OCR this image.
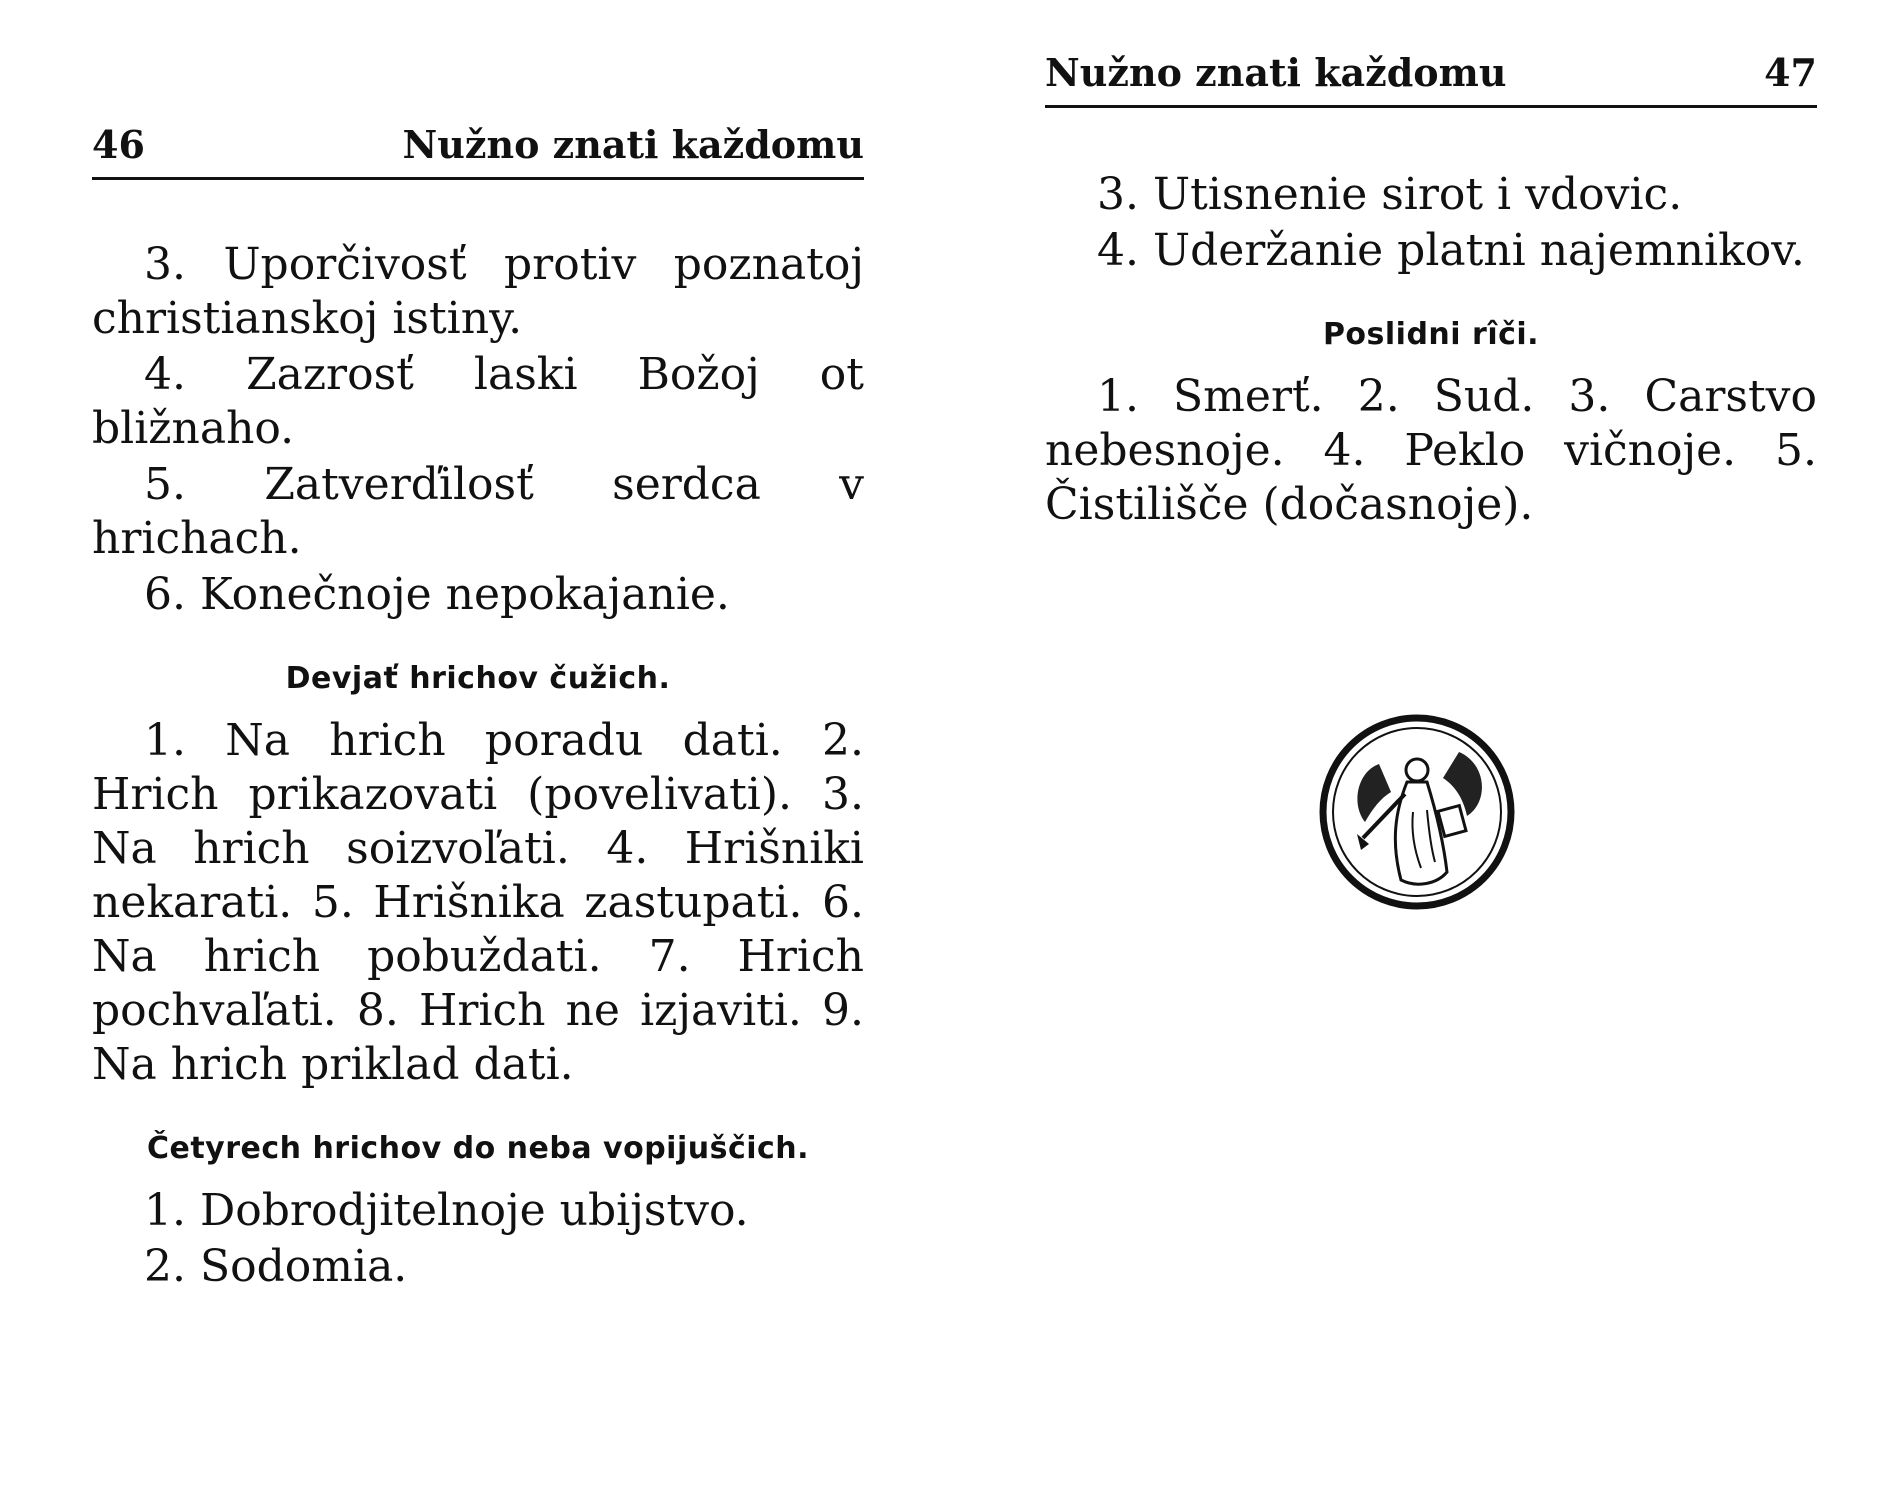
46	Nužno znati každomu

3. Uporčivosť protiv poznatoj christianskoj istiny.

4. Zazrosť laski Božoj ot bližnaho.

5. Zatverďilosť serdca v hrichach.

6. Konečnoje nepokajanie.

Devjať hrichov čužich.

1. Na hrich poradu dati. 2. Hrich prikazovati (povelivati). 3. Na hrich soizvoľati. 4. Hrišniki nekarati. 5. Hrišnika zastupati. 6. Na hrich pobuždati. 7. Hrich pochvaľati. 8. Hrich ne izjaviti. 9. Na hrich priklad dati.

Četyrech hrichov do neba vopijuščich.

1. Dobrodjitelnoje ubijstvo.

2. Sodomia.

Nužno znati každomu	47

3. Utisnenie sirot i vdovic.

4. Uderžanie platni najemnikov.

Poslidni rîči.

1. Smerť. 2. Sud. 3. Carstvo nebesnoje. 4. Peklo vičnoje. 5. Čistilišče (dočasnoje).
